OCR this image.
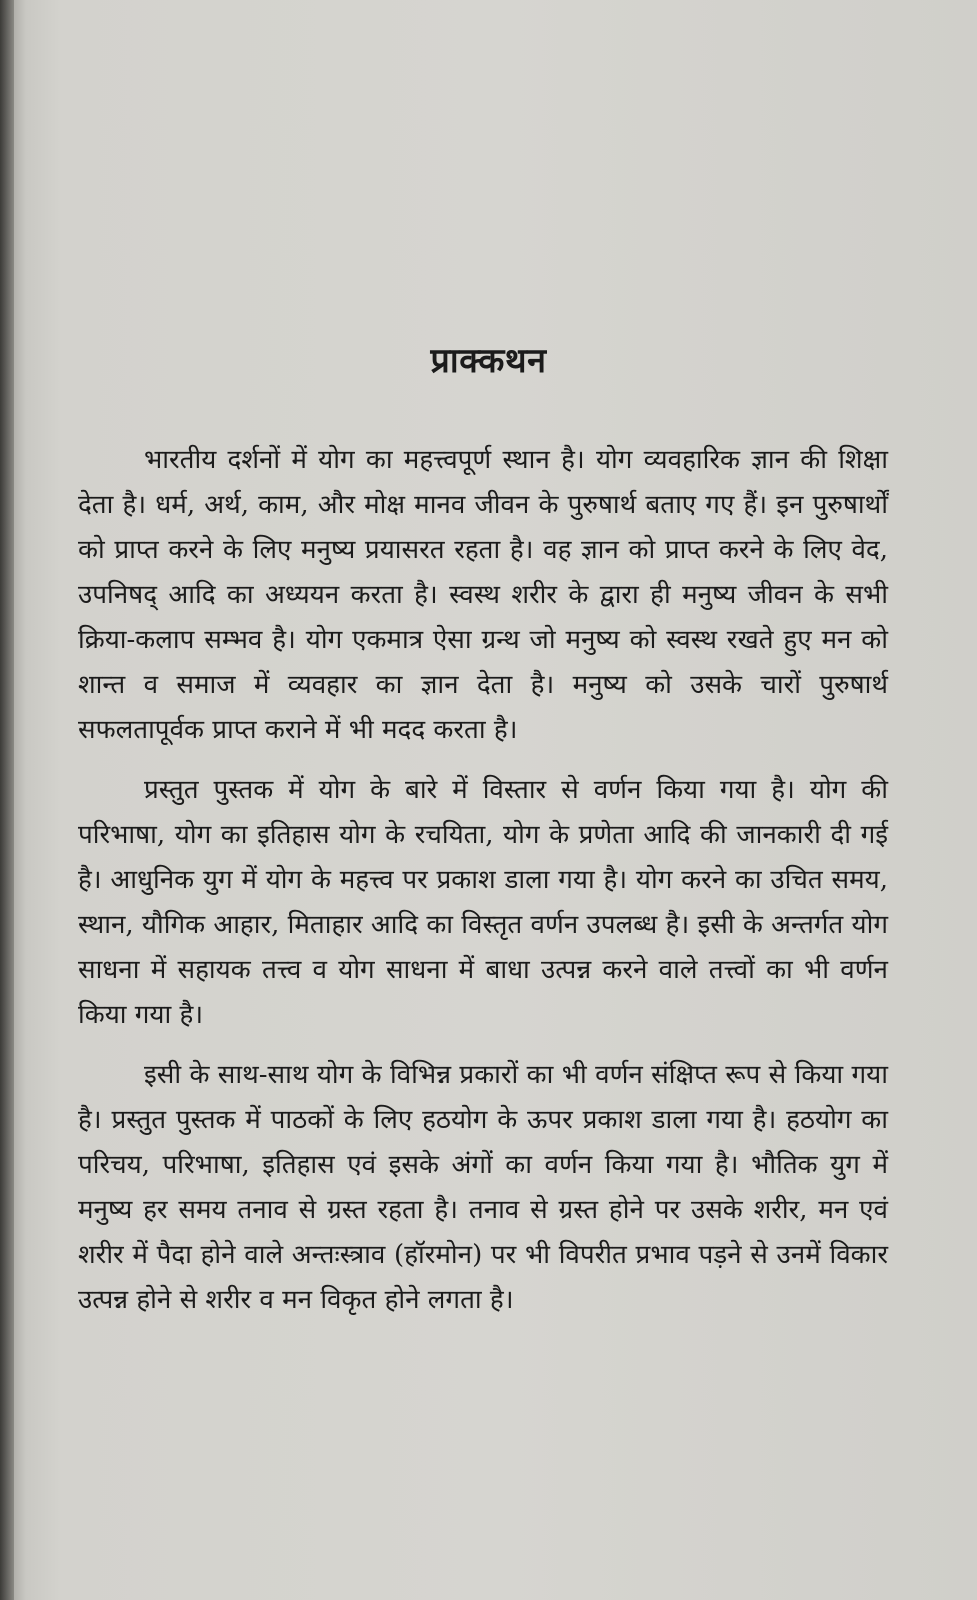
प्राक्कथन

भारतीय दर्शनों में योग का महत्त्वपूर्ण स्थान है। योग व्यवहारिक ज्ञान की शिक्षा देता है। धर्म, अर्थ, काम, और मोक्ष मानव जीवन के पुरुषार्थ बताए गए हैं। इन पुरुषार्थों को प्राप्त करने के लिए मनुष्य प्रयासरत रहता है। वह ज्ञान को प्राप्त करने के लिए वेद, उपनिषद् आदि का अध्ययन करता है। स्वस्थ शरीर के द्वारा ही मनुष्य जीवन के सभी क्रिया-कलाप सम्भव है। योग एकमात्र ऐसा ग्रन्थ जो मनुष्य को स्वस्थ रखते हुए मन को शान्त व समाज में व्यवहार का ज्ञान देता है। मनुष्य को उसके चारों पुरुषार्थ सफलतापूर्वक प्राप्त कराने में भी मदद करता है।

प्रस्तुत पुस्तक में योग के बारे में विस्तार से वर्णन किया गया है। योग की परिभाषा, योग का इतिहास योग के रचयिता, योग के प्रणेता आदि की जानकारी दी गई है। आधुनिक युग में योग के महत्त्व पर प्रकाश डाला गया है। योग करने का उचित समय, स्थान, यौगिक आहार, मिताहार आदि का विस्तृत वर्णन उपलब्ध है। इसी के अन्तर्गत योग साधना में सहायक तत्त्व व योग साधना में बाधा उत्पन्न करने वाले तत्त्वों का भी वर्णन किया गया है।

इसी के साथ-साथ योग के विभिन्न प्रकारों का भी वर्णन संक्षिप्त रूप से किया गया है। प्रस्तुत पुस्तक में पाठकों के लिए हठयोग के ऊपर प्रकाश डाला गया है। हठयोग का परिचय, परिभाषा, इतिहास एवं इसके अंगों का वर्णन किया गया है। भौतिक युग में मनुष्य हर समय तनाव से ग्रस्त रहता है। तनाव से ग्रस्त होने पर उसके शरीर, मन एवं शरीर में पैदा होने वाले अन्तःस्त्राव (हॉरमोन) पर भी विपरीत प्रभाव पड़ने से उनमें विकार उत्पन्न होने से शरीर व मन विकृत होने लगता है।
